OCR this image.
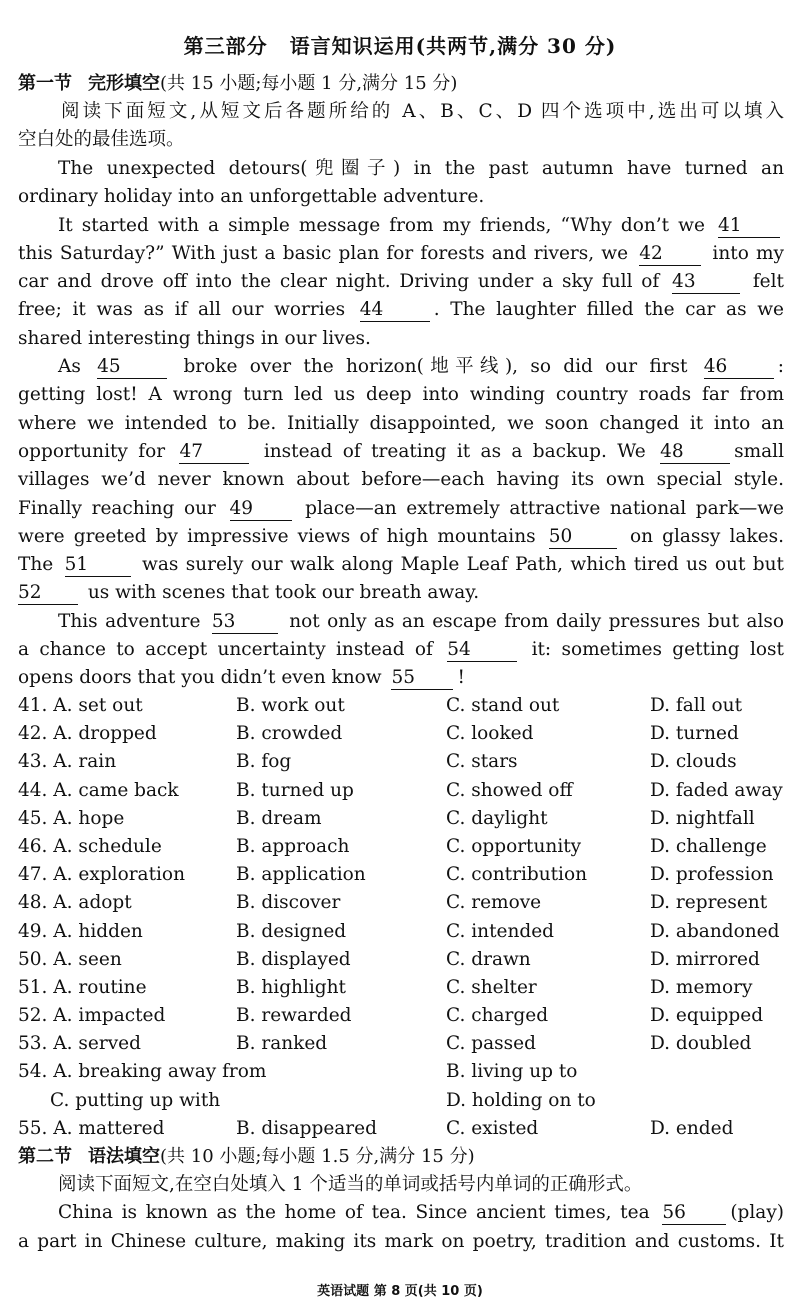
第三部分 语言知识运用(共两节,满分 30 分)
第一节 完形填空(共 15 小题;每小题 1 分,满分 15 分)
阅读下面短文,从短文后各题所给的 A、B、C、D 四个选项中,选出可以填入
空白处的最佳选项。
The unexpected detours(兜圈子) in the past autumn have turned an
ordinary holiday into an unforgettable adventure.
It started with a simple message from my friends, “Why don’t we 41
this Saturday?” With just a basic plan for forests and rivers, we 42	into my
car and drove off into the clear night. Driving under a sky full of 43	felt
free; it was as if all our worries 44	. The laughter filled the car as we
shared interesting things in our lives.
As 45	broke over the horizon(地平线), so did our first 46	:
getting lost! A wrong turn led us deep into winding country roads far from
where we intended to be. Initially disappointed, we soon changed it into an
opportunity for 47	instead of treating it as a backup. We 48	small
villages we’d never known about before—each having its own special style.
Finally reaching our 49	place—an extremely attractive national park—we
were greeted by impressive views of high mountains 50	on glassy lakes.
The 51	was surely our walk along Maple Leaf Path, which tired us out but
52	us with scenes that took our breath away.
This adventure 53	not only as an escape from daily pressures but also
a chance to accept uncertainty instead of 54	it: sometimes getting lost
opens doors that you didn’t even know 55 !
41. A. set out	B. work out	C. stand out	D. fall out
42. A. dropped	B. crowded	C. looked	D. turned
43. A. rain	B. fog	C. stars	D. clouds
44. A. came back	B. turned up	C. showed off	D. faded away
45. A. hope	B. dream	C. daylight	D. nightfall
46. A. schedule	B. approach	C. opportunity	D. challenge
47. A. exploration	B. application	C. contribution	D. profession
48. A. adopt	B. discover	C. remove	D. represent
49. A. hidden	B. designed	C. intended	D. abandoned
50. A. seen	B. displayed	C. drawn	D. mirrored
51. A. routine	B. highlight	C. shelter	D. memory
52. A. impacted	B. rewarded	C. charged	D. equipped
53. A. served	B. ranked	C. passed	D. doubled
54. A. breaking away from	B. living up to
C. putting up with	D. holding on to
55. A. mattered	B. disappeared	C. existed	D. ended
第二节 语法填空(共 10 小题;每小题 1.5 分,满分 15 分)
阅读下面短文,在空白处填入 1 个适当的单词或括号内单词的正确形式。
China is known as the home of tea. Since ancient times, tea 56 (play)
a part in Chinese culture, making its mark on poetry, tradition and customs. It
英语试题 第 8 页(共 10 页)
